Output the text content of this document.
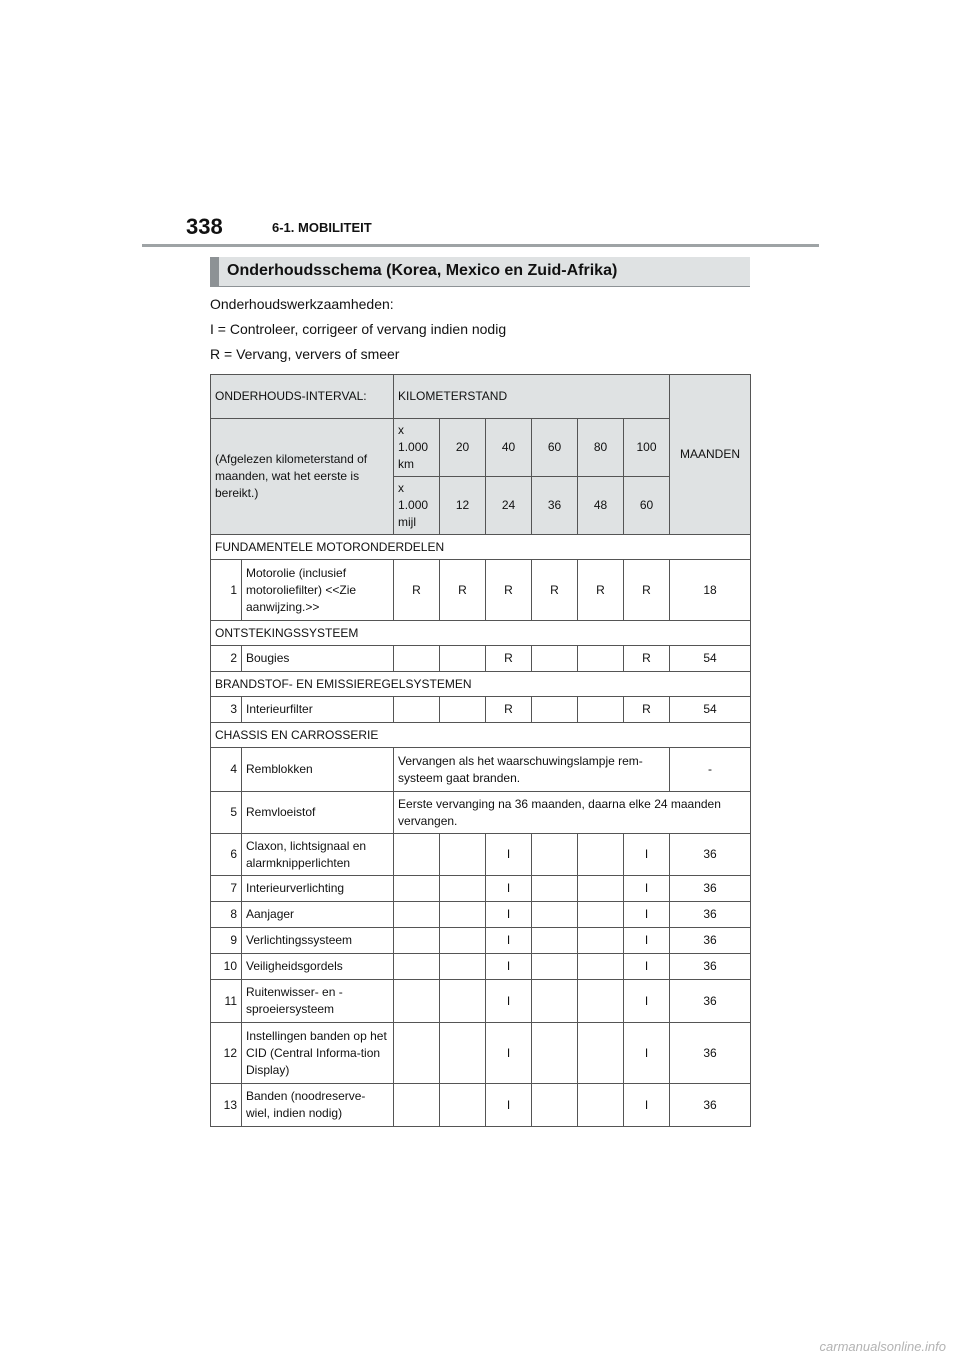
338	6-1. MOBILITEIT
Onderhoudsschema (Korea, Mexico en Zuid-Afrika)
Onderhoudswerkzaamheden:
I = Controleer, corrigeer of vervang indien nodig
R = Vervang, ververs of smeer
ONDERHOUDS-INTERVAL:		KILOMETERSTAND						MAANDEN
(Afgelezen kilometerstand of maanden, wat het eerste is bereikt.)		x 1.000 km	20	40	60	80	100	
		x 1.000 mijl	12	24	36	48	60	
FUNDAMENTELE MOTORONDERDELEN								
1	Motorolie (inclusief motoroliefilter) <<Zie aanwijzing.>>	R	R	R	R	R	R	18
ONTSTEKINGSSYSTEEM								
2	Bougies			R			R	54
BRANDSTOF- EN EMISSIEREGELSYSTEMEN								
3	Interieurfilter			R			R	54
CHASSIS EN CARROSSERIE								
4	Remblokken	Vervangen als het waarschuwingslampje rem-systeem gaat branden.						-
5	Remvloeistof	Eerste vervanging na 36 maanden, daarna elke 24 maanden vervangen.						
6	Claxon, lichtsignaal en alarmknipperlichten			I			I	36
7	Interieurverlichting			I			I	36
8	Aanjager			I			I	36
9	Verlichtingssysteem			I			I	36
10	Veiligheidsgordels			I			I	36
11	Ruitenwisser- en -sproeiersysteem			I			I	36
12	Instellingen banden op het CID (Central Informa-tion Display)			I			I	36
13	Banden (noodreserve-wiel, indien nodig)			I			I	36
carmanualsonline.info
